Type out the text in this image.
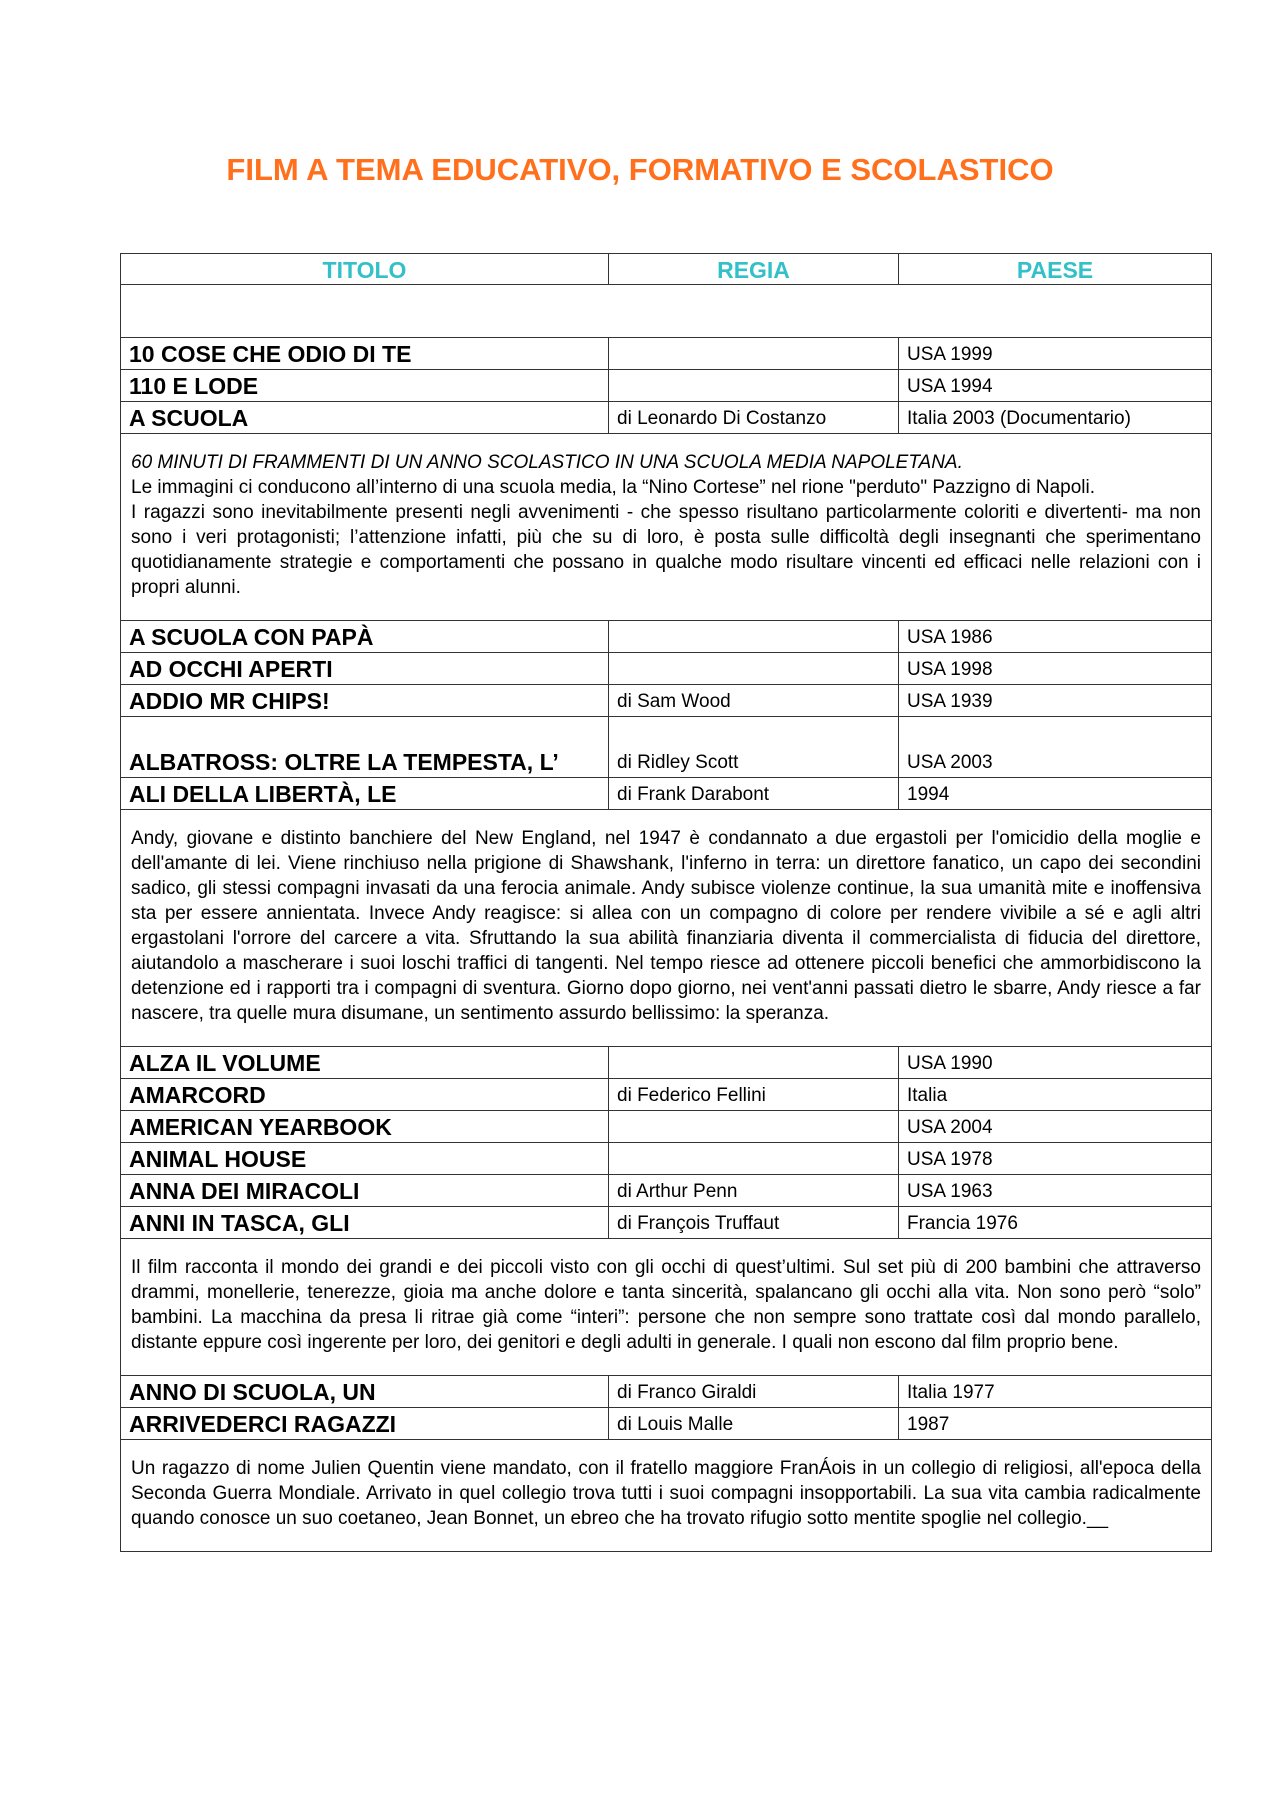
FILM A TEMA EDUCATIVO, FORMATIVO E SCOLASTICO
TITOLO	REGIA	PAESE

10 COSE CHE ODIO DI TE		USA 1999
110 E LODE		USA 1994
A SCUOLA	di Leonardo Di Costanzo	Italia 2003 (Documentario)

60 MINUTI DI FRAMMENTI DI UN ANNO SCOLASTICO IN UNA SCUOLA MEDIA NAPOLETANA.
Le immagini ci conducono all’interno di una scuola media, la “Nino Cortese” nel rione "perduto" Pazzigno di Napoli.
I ragazzi sono inevitabilmente presenti negli avvenimenti - che spesso risultano particolarmente coloriti e divertenti- ma non sono i veri protagonisti; l’attenzione infatti, più che su di loro, è posta sulle difficoltà degli insegnanti che sperimentano quotidianamente strategie e comportamenti che possano in qualche modo risultare vincenti ed efficaci nelle relazioni con i propri alunni.		

A SCUOLA CON PAPÀ		USA 1986
AD OCCHI APERTI		USA 1998
ADDIO MR CHIPS!	di Sam Wood	USA 1939
ALBATROSS: OLTRE LA TEMPESTA, L’	di Ridley Scott	USA 2003
ALI DELLA LIBERTÀ, LE	di Frank Darabont	1994
Andy, giovane e distinto banchiere del New England, nel 1947 è condannato a due ergastoli per l'omicidio della moglie e dell'amante di lei. Viene rinchiuso nella prigione di Shawshank, l'inferno in terra: un direttore fanatico, un capo dei secondini sadico, gli stessi compagni invasati da una ferocia animale. Andy subisce violenze continue, la sua umanità mite e inoffensiva sta per essere annientata. Invece Andy reagisce: si allea con un compagno di colore per rendere vivibile a sé e agli altri ergastolani l'orrore del carcere a vita. Sfruttando la sua abilità finanziaria diventa il commercialista di fiducia del direttore, aiutandolo a mascherare i suoi loschi traffici di tangenti. Nel tempo riesce ad ottenere piccoli benefici che ammorbidiscono la detenzione ed i rapporti tra i compagni di sventura. Giorno dopo giorno, nei vent'anni passati dietro le sbarre, Andy riesce a far nascere, tra quelle mura disumane, un sentimento assurdo bellissimo: la speranza.		
ALZA IL VOLUME		USA 1990
AMARCORD	di Federico Fellini	Italia
AMERICAN YEARBOOK		USA 2004
ANIMAL HOUSE		USA 1978
ANNA DEI MIRACOLI	di Arthur Penn	USA 1963
ANNI IN TASCA, GLI	di François Truffaut	Francia 1976
Il film racconta il mondo dei grandi e dei piccoli visto con gli occhi di quest’ultimi. Sul set più di 200 bambini che attraverso drammi, monellerie, tenerezze, gioia ma anche dolore e tanta sincerità, spalancano gli occhi alla vita. Non sono però “solo” bambini. La macchina da presa li ritrae già come “interi”: persone che non sempre sono trattate così dal mondo parallelo, distante eppure così ingerente per loro, dei genitori e degli adulti in generale. I quali non escono dal film proprio bene.		
ANNO DI SCUOLA, UN	di Franco Giraldi	Italia 1977
ARRIVEDERCI RAGAZZI	di Louis Malle	1987
Un ragazzo di nome Julien Quentin viene mandato, con il fratello maggiore FranÁois in un collegio di religiosi, all'epoca della Seconda Guerra Mondiale. Arrivato in quel collegio trova tutti i suoi compagni insopportabili. La sua vita cambia radicalmente quando conosce un suo coetaneo, Jean Bonnet, un ebreo che ha trovato rifugio sotto mentite spoglie nel collegio.__		
